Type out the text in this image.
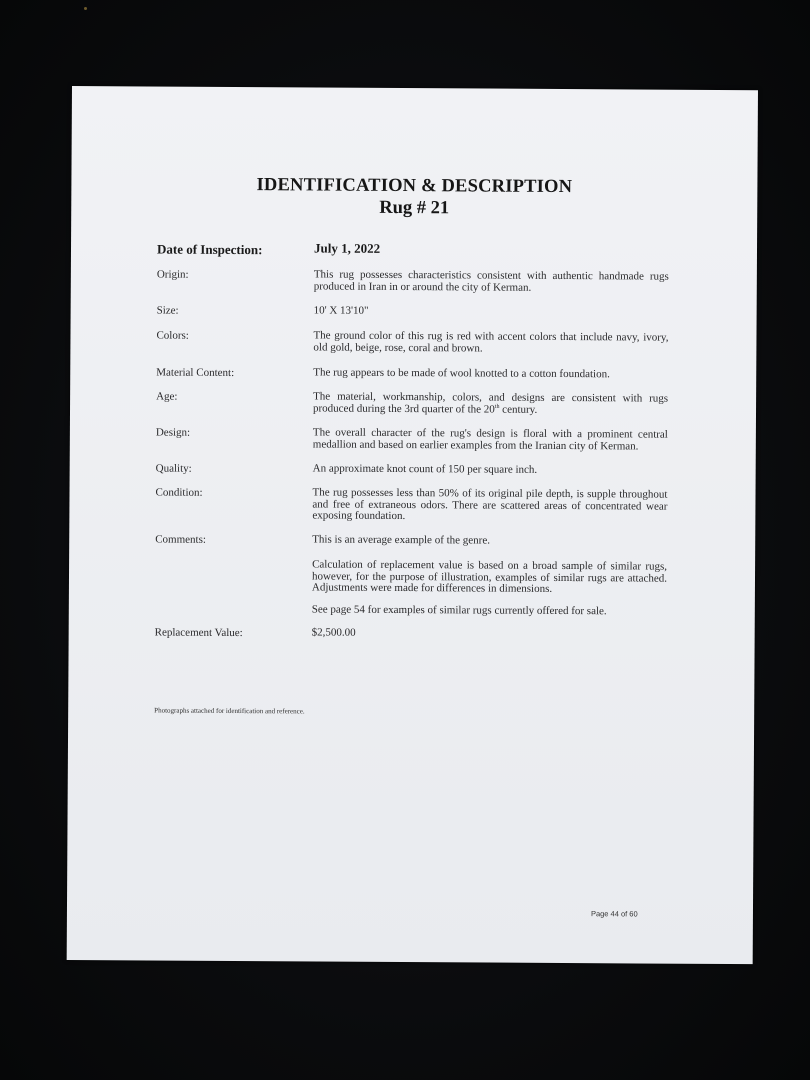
IDENTIFICATION & DESCRIPTION
Rug # 21
Date of Inspection:	July 1, 2022
Origin:	This rug possesses characteristics consistent with authentic handmade rugs produced in Iran in or around the city of Kerman.
Size:	10' X 13'10"
Colors:	The ground color of this rug is red with accent colors that include navy, ivory, old gold, beige, rose, coral and brown.
Material Content:	The rug appears to be made of wool knotted to a cotton foundation.
Age:	The material, workmanship, colors, and designs are consistent with rugs produced during the 3rd quarter of the 20th century.
Design:	The overall character of the rug's design is floral with a prominent central medallion and based on earlier examples from the Iranian city of Kerman.
Quality:	An approximate knot count of 150 per square inch.
Condition:	The rug possesses less than 50% of its original pile depth, is supple throughout and free of extraneous odors. There are scattered areas of concentrated wear exposing foundation.
Comments:	This is an average example of the genre.
Calculation of replacement value is based on a broad sample of similar rugs, however, for the purpose of illustration, examples of similar rugs are attached. Adjustments were made for differences in dimensions.
See page 54 for examples of similar rugs currently offered for sale.
Replacement Value:	$2,500.00
Photographs attached for identification and reference.
Page 44 of 60
